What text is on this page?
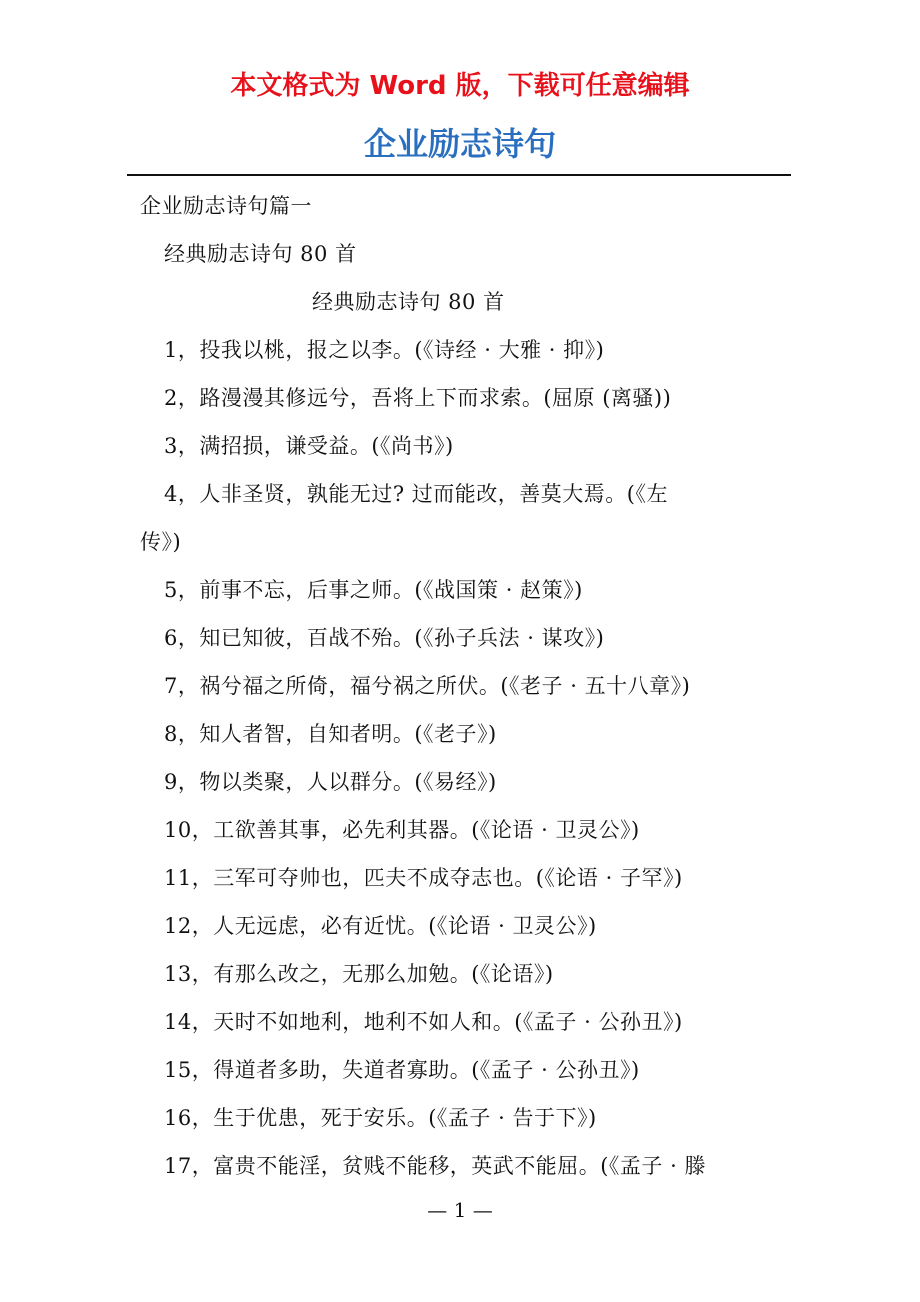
本文格式为 Word 版，下载可任意编辑
企业励志诗句
企业励志诗句篇一
经典励志诗句 80 首
经典励志诗句 80 首
1，投我以桃，报之以李。(《诗经 · 大雅 · 抑》)
2，路漫漫其修远兮，吾将上下而求索。(屈原 (离骚))
3，满招损，谦受益。(《尚书》)
4，人非圣贤，孰能无过? 过而能改，善莫大焉。(《左
传》)
5，前事不忘，后事之师。(《战国策 · 赵策》)
6，知已知彼，百战不殆。(《孙子兵法 · 谋攻》)
7，祸兮福之所倚，福兮祸之所伏。(《老子 · 五十八章》)
8，知人者智，自知者明。(《老子》)
9，物以类聚，人以群分。(《易经》)
10，工欲善其事，必先利其器。(《论语 · 卫灵公》)
11，三军可夺帅也，匹夫不成夺志也。(《论语 · 子罕》)
12，人无远虑，必有近忧。(《论语 · 卫灵公》)
13，有那么改之，无那么加勉。(《论语》)
14，天时不如地利，地利不如人和。(《孟子 · 公孙丑》)
15，得道者多助，失道者寡助。(《孟子 · 公孙丑》)
16，生于优患，死于安乐。(《孟子 · 告于下》)
17，富贵不能淫，贫贱不能移，英武不能屈。(《孟子 · 滕
— 1 —
